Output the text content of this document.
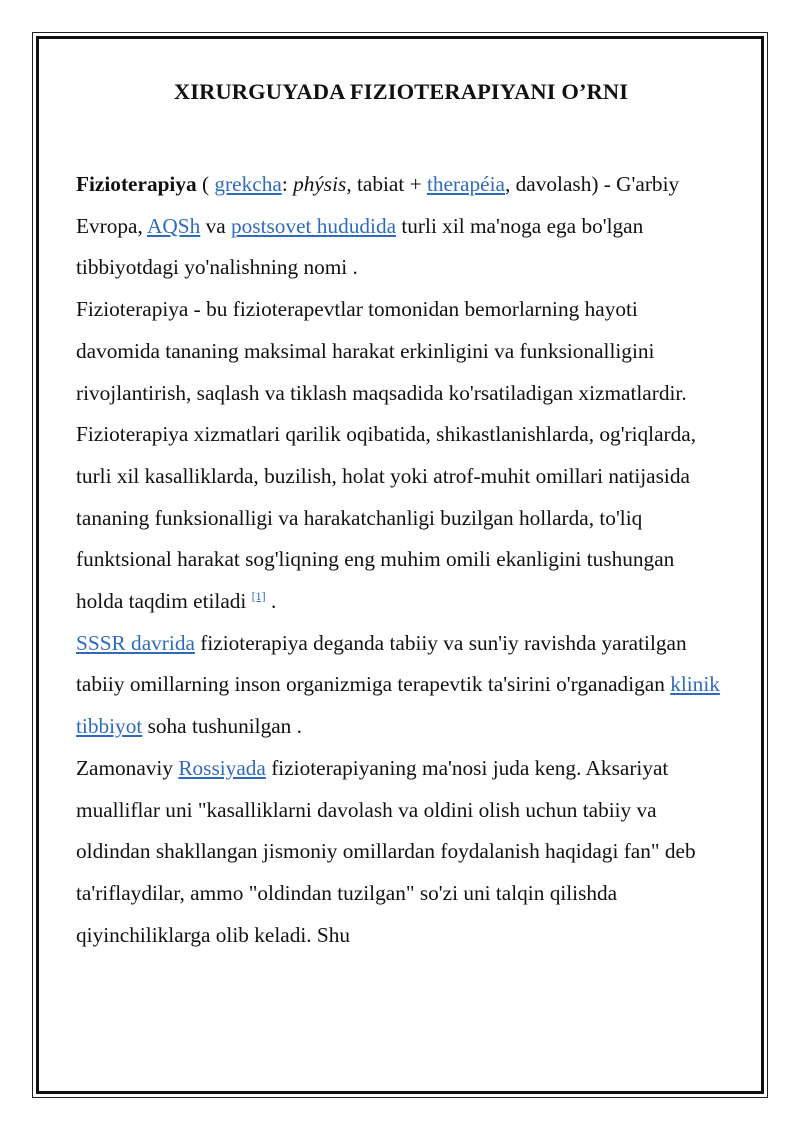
XIRURGUYADA FIZIOTERAPIYANI O’RNI

Fizioterapiya ( grekcha: phýsis, tabiat + therapéia, davolash) - G'arbiy Evropa, AQSh va postsovet hududida turli xil ma'noga ega bo'lgan tibbiyotdagi yo'nalishning nomi .

Fizioterapiya - bu fizioterapevtlar tomonidan bemorlarning hayoti davomida tananing maksimal harakat erkinligini va funksionalligini rivojlantirish, saqlash va tiklash maqsadida ko'rsatiladigan xizmatlardir. Fizioterapiya xizmatlari qarilik oqibatida, shikastlanishlarda, og'riqlarda, turli xil kasalliklarda, buzilish, holat yoki atrof-muhit omillari natijasida tananing funksionalligi va harakatchanligi buzilgan hollarda, to'liq funktsional harakat sog'liqning eng muhim omili ekanligini tushungan holda taqdim etiladi [1] .

SSSR davrida fizioterapiya deganda tabiiy va sun'iy ravishda yaratilgan tabiiy omillarning inson organizmiga terapevtik ta'sirini o'rganadigan klinik tibbiyot soha tushunilgan .

Zamonaviy Rossiyada fizioterapiyaning ma'nosi juda keng. Aksariyat mualliflar uni "kasalliklarni davolash va oldini olish uchun tabiiy va oldindan shakllangan jismoniy omillardan foydalanish haqidagi fan" deb ta'riflaydilar, ammo "oldindan tuzilgan" so'zi uni talqin qilishda qiyinchiliklarga olib keladi. Shu
